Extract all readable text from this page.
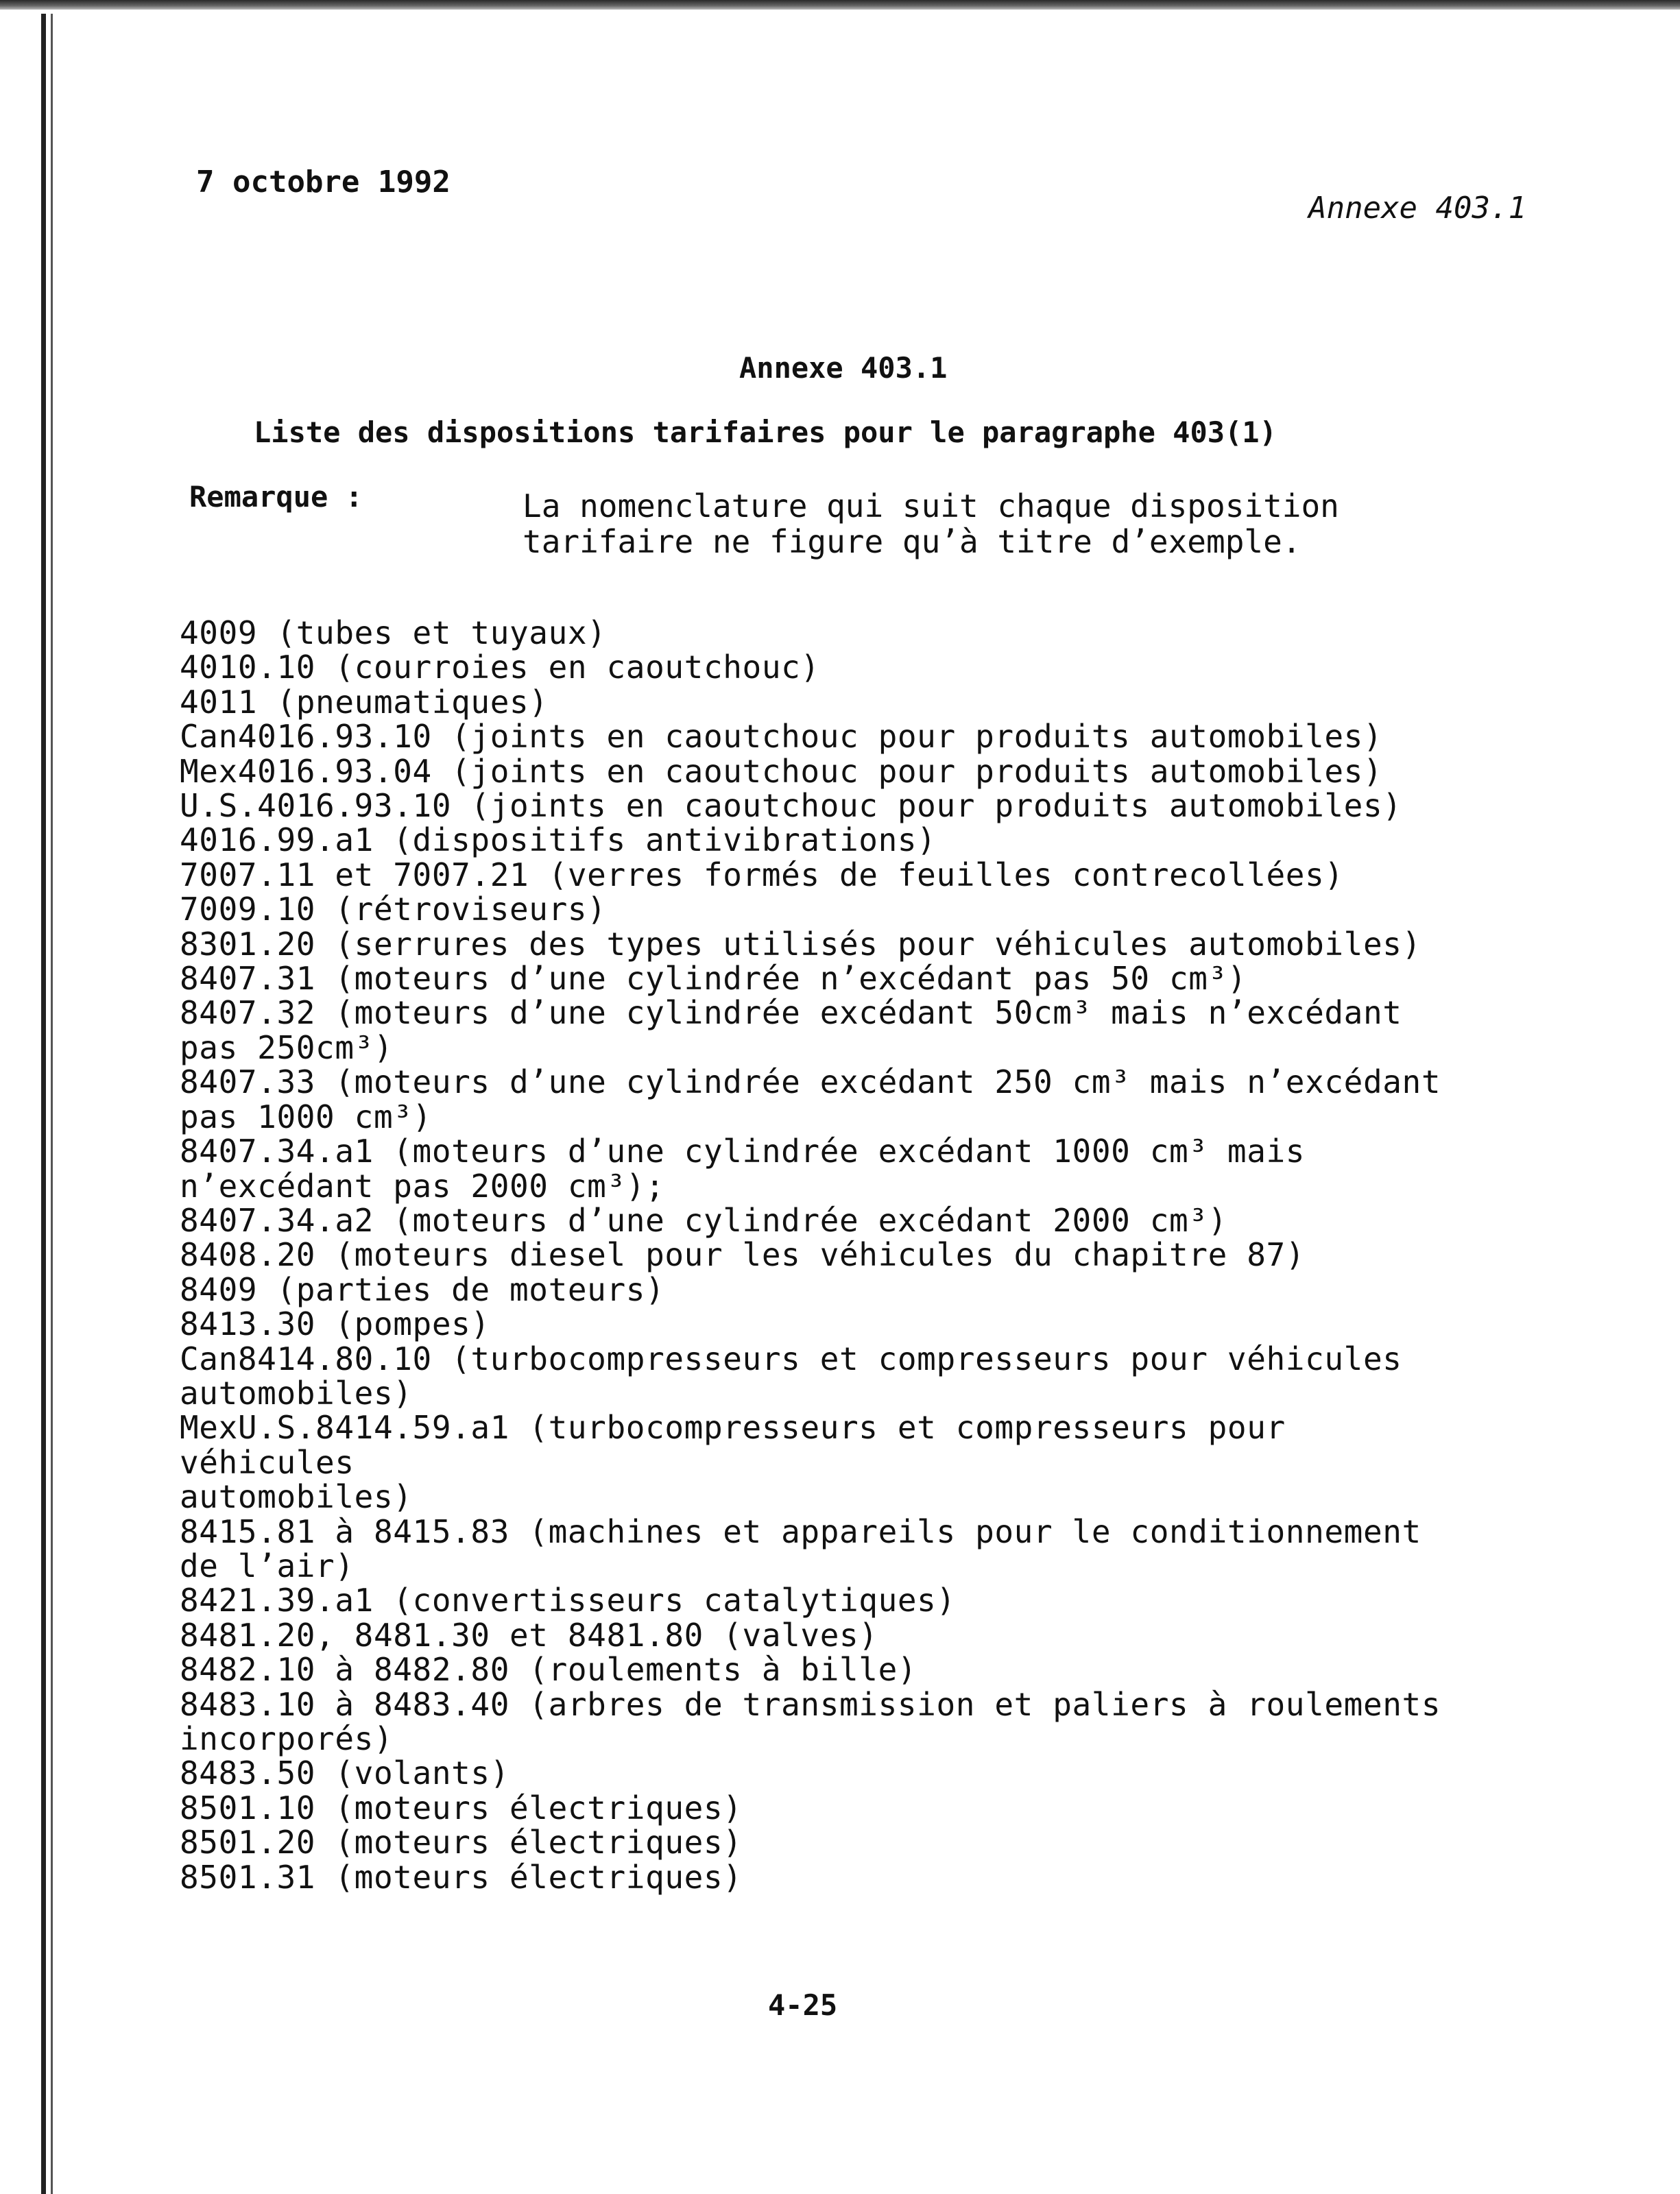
7 octobre 1992
Annexe 403.1
Annexe 403.1
Liste des dispositions tarifaires pour le paragraphe 403(1)
Remarque :	La nomenclature qui suit chaque disposition
tarifaire ne figure qu’à titre d’exemple.
4009 (tubes et tuyaux)
4010.10 (courroies en caoutchouc)
4011 (pneumatiques)
Can4016.93.10 (joints en caoutchouc pour produits automobiles)
Mex4016.93.04 (joints en caoutchouc pour produits automobiles)
U.S.4016.93.10 (joints en caoutchouc pour produits automobiles)
4016.99.a1 (dispositifs antivibrations)
7007.11 et 7007.21 (verres formés de feuilles contrecollées)
7009.10 (rétroviseurs)
8301.20 (serrures des types utilisés pour véhicules automobiles)
8407.31 (moteurs d’une cylindrée n’excédant pas 50 cm³)
8407.32 (moteurs d’une cylindrée excédant 50cm³ mais n’excédant
pas 250cm³)
8407.33 (moteurs d’une cylindrée excédant 250 cm³ mais n’excédant
pas 1000 cm³)
8407.34.a1 (moteurs d’une cylindrée excédant 1000 cm³ mais
n’excédant pas 2000 cm³);
8407.34.a2 (moteurs d’une cylindrée excédant 2000 cm³)
8408.20 (moteurs diesel pour les véhicules du chapitre 87)
8409 (parties de moteurs)
8413.30 (pompes)
Can8414.80.10 (turbocompresseurs et compresseurs pour véhicules
automobiles)
MexU.S.8414.59.a1 (turbocompresseurs et compresseurs pour
véhicules
automobiles)
8415.81 à 8415.83 (machines et appareils pour le conditionnement
de l’air)
8421.39.a1 (convertisseurs catalytiques)
8481.20, 8481.30 et 8481.80 (valves)
8482.10 à 8482.80 (roulements à bille)
8483.10 à 8483.40 (arbres de transmission et paliers à roulements
incorporés)
8483.50 (volants)
8501.10 (moteurs électriques)
8501.20 (moteurs électriques)
8501.31 (moteurs électriques)
4-25
